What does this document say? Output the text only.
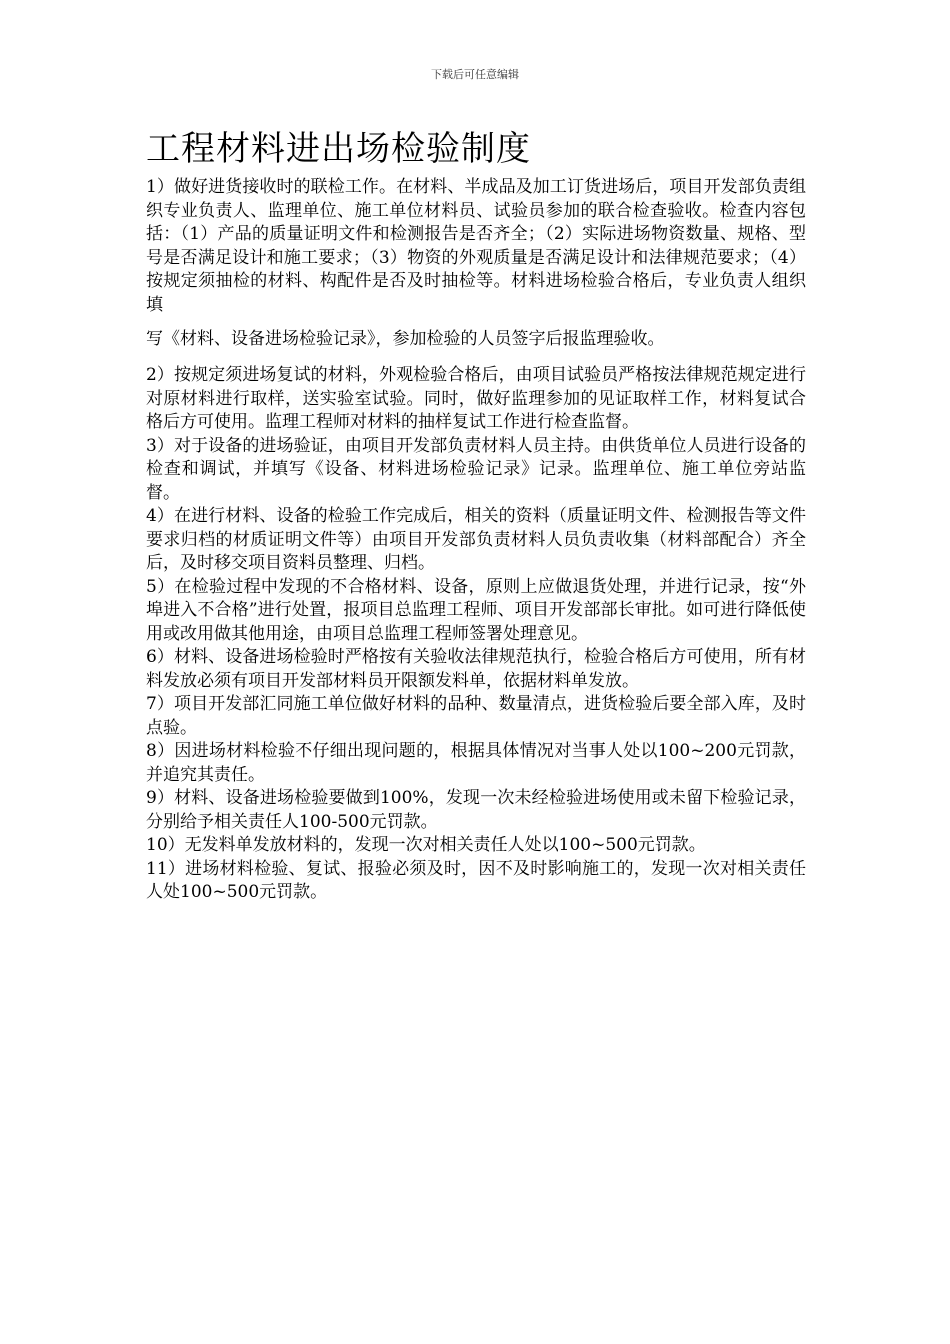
下载后可任意编辑
工程材料进出场检验制度

1）做好进货接收时的联检工作。在材料、半成品及加工订货进场后，项目开发部负责组织专业负责人、监理单位、施工单位材料员、试验员参加的联合检查验收。检查内容包括：（1）产品的质量证明文件和检测报告是否齐全；（2）实际进场物资数量、规格、型号是否满足设计和施工要求；（3）物资的外观质量是否满足设计和法律规范要求；（4）按规定须抽检的材料、构配件是否及时抽检等。材料进场检验合格后，专业负责人组织填

写《材料、设备进场检验记录》，参加检验的人员签字后报监理验收。

2）按规定须进场复试的材料，外观检验合格后，由项目试验员严格按法律规范规定进行对原材料进行取样，送实验室试验。同时，做好监理参加的见证取样工作，材料复试合格后方可使用。监理工程师对材料的抽样复试工作进行检查监督。

3）对于设备的进场验证，由项目开发部负责材料人员主持。由供货单位人员进行设备的检查和调试，并填写《设备、材料进场检验记录》记录。监理单位、施工单位旁站监督。

4）在进行材料、设备的检验工作完成后，相关的资料（质量证明文件、检测报告等文件要求归档的材质证明文件等）由项目开发部负责材料人员负责收集（材料部配合）齐全后，及时移交项目资料员整理、归档。

5）在检验过程中发现的不合格材料、设备，原则上应做退货处理，并进行记录，按“外埠进入不合格”进行处置，报项目总监理工程师、项目开发部部长审批。如可进行降低使用或改用做其他用途，由项目总监理工程师签署处理意见。

6）材料、设备进场检验时严格按有关验收法律规范执行，检验合格后方可使用，所有材料发放必须有项目开发部材料员开限额发料单，依据材料单发放。

7）项目开发部汇同施工单位做好材料的品种、数量清点，进货检验后要全部入库，及时点验。

8）因进场材料检验不仔细出现问题的，根据具体情况对当事人处以100~200元罚款，并追究其责任。

9）材料、设备进场检验要做到100%，发现一次未经检验进场使用或未留下检验记录，分别给予相关责任人100-500元罚款。

10）无发料单发放材料的，发现一次对相关责任人处以100~500元罚款。

11）进场材料检验、复试、报验必须及时，因不及时影响施工的，发现一次对相关责任人处100~500元罚款。
